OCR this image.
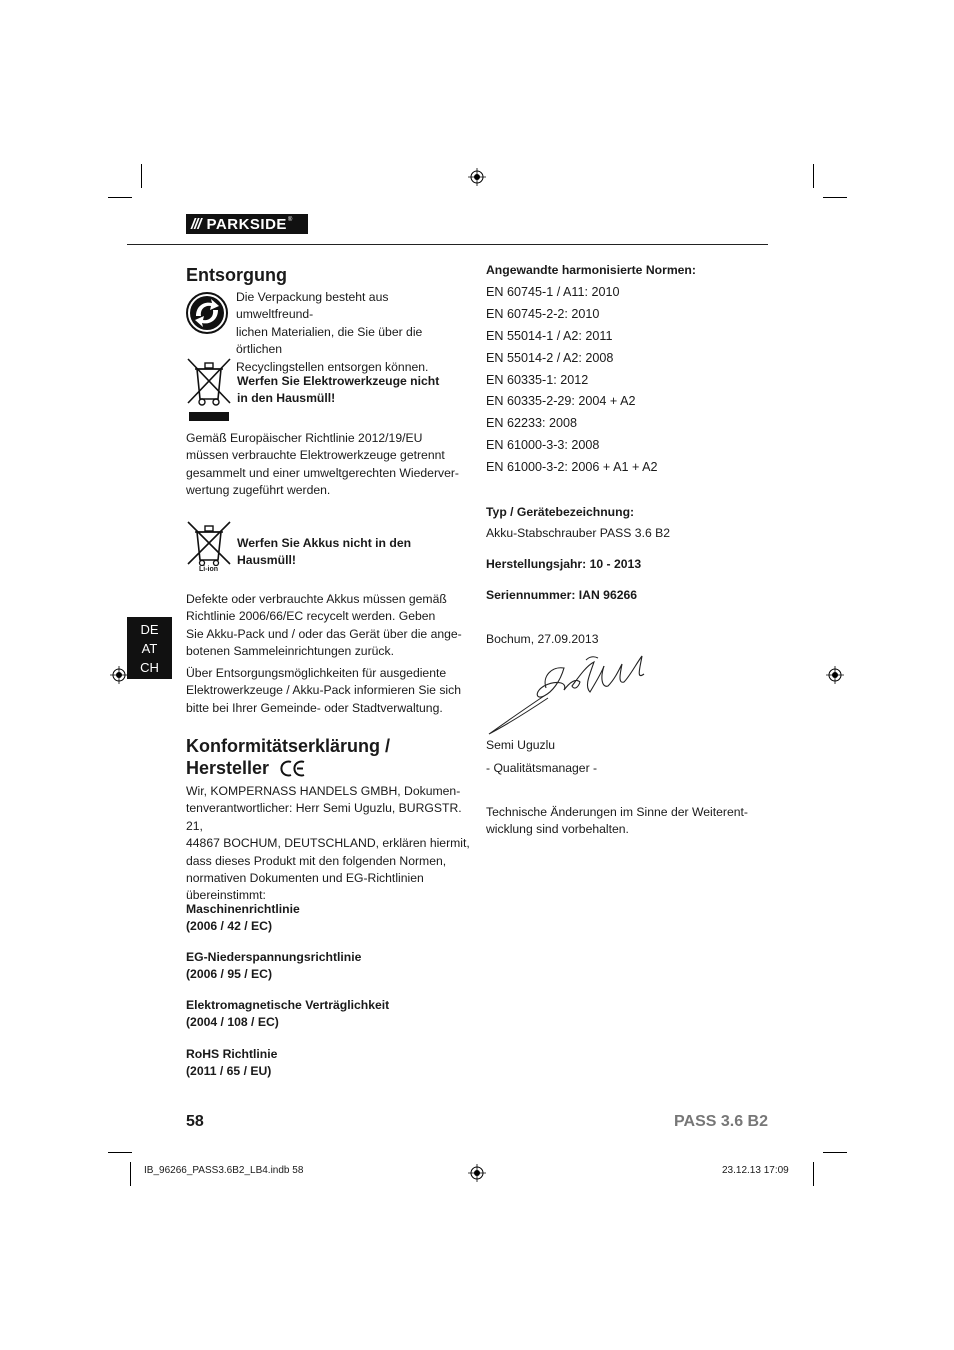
/// PARKSIDE ®
Entsorgung
Die Verpackung besteht aus umweltfreund-
lichen Materialien, die Sie über die örtlichen
Recyclingstellen entsorgen können.
Werfen Sie Elektrowerkzeuge nicht
in den Hausmüll!
Gemäß Europäischer Richtlinie 2012/19/EU
müssen verbrauchte Elektrowerkzeuge getrennt
gesammelt und einer umweltgerechten Wiederver-
wertung zugeführt werden.
Li-ion
Werfen Sie Akkus nicht in den
Hausmüll!
Defekte oder verbrauchte Akkus müssen gemäß
Richtlinie 2006/66/EC recycelt werden. Geben
Sie Akku-Pack und / oder das Gerät über die ange-
botenen Sammeleinrichtungen zurück.
Über Entsorgungsmöglichkeiten für ausgediente
Elektrowerkzeuge / Akku-Pack informieren Sie sich
bitte bei Ihrer Gemeinde- oder Stadtverwaltung.
Konformitätserklärung /
Hersteller
Wir, KOMPERNASS HANDELS GMBH, Dokumen-
tenverantwortlicher: Herr Semi Uguzlu, BURGSTR. 21,
44867 BOCHUM, DEUTSCHLAND, erklären hiermit,
dass dieses Produkt mit den folgenden Normen,
normativen Dokumenten und EG-Richtlinien
übereinstimmt:
Maschinenrichtlinie
(2006 / 42 / EC)
EG-Niederspannungsrichtlinie
(2006 / 95 / EC)
Elektromagnetische Verträglichkeit
(2004 / 108 / EC)
RoHS Richtlinie
(2011 / 65 / EU)
Angewandte harmonisierte Normen:
EN 60745-1 / A11: 2010
EN 60745-2-2: 2010
EN 55014-1 / A2: 2011
EN 55014-2 / A2: 2008
EN 60335-1: 2012
EN 60335-2-29: 2004 + A2
EN 62233: 2008
EN 61000-3-3: 2008
EN 61000-3-2: 2006 + A1 + A2
Typ / Gerätebezeichnung:
Akku-Stabschrauber PASS 3.6 B2
Herstellungsjahr: 10 - 2013
Seriennummer: IAN 96266
Bochum, 27.09.2013
Semi Uguzlu
- Qualitätsmanager -
Technische Änderungen im Sinne der Weiterent-
wicklung sind vorbehalten.
DE
AT
CH
58	PASS 3.6 B2
IB_96266_PASS3.6B2_LB4.indb 58	23.12.13 17:09
